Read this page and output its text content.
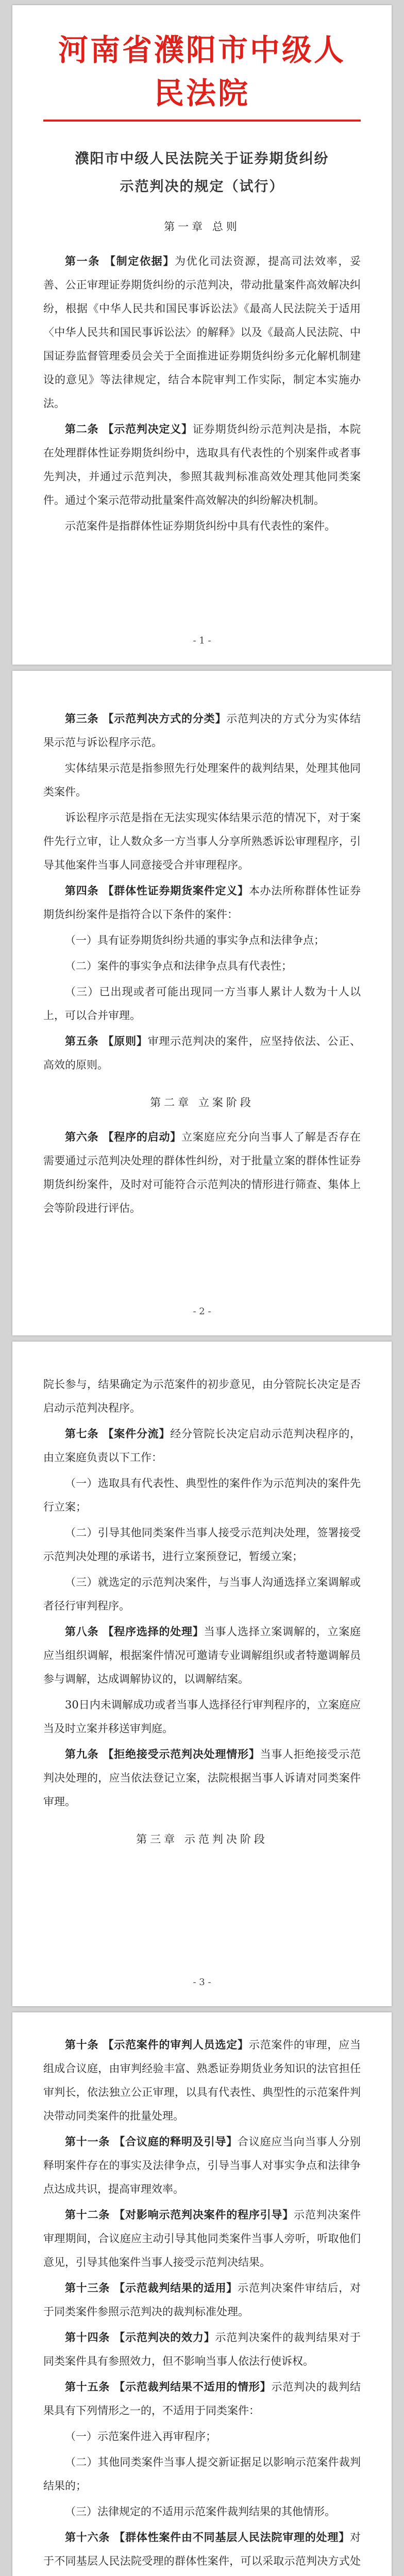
河南省濮阳市中级人民法院
濮阳市中级人民法院关于证券期货纠纷
示范判决的规定（试行）
第一章 总则

第一条 【制定依据】为优化司法资源，提高司法效率，妥善、公正审理证券期货纠纷的示范判决，带动批量案件高效解决纠纷，根据《中华人民共和国民事诉讼法》《最高人民法院关于适用〈中华人民共和国民事诉讼法〉的解释》以及《最高人民法院、中国证券监督管理委员会关于全面推进证券期货纠纷多元化解机制建设的意见》等法律规定，结合本院审判工作实际，制定本实施办法。

第二条 【示范判决定义】证券期货纠纷示范判决是指，本院在处理群体性证券期货纠纷中，选取具有代表性的个别案件或者事先判决，并通过示范判决，参照其裁判标准高效处理其他同类案件。通过个案示范带动批量案件高效解决的纠纷解决机制。

示范案件是指群体性证券期货纠纷中具有代表性的案件。

- 1 -

第三条 【示范判决方式的分类】示范判决的方式分为实体结果示范与诉讼程序示范。

实体结果示范是指参照先行处理案件的裁判结果，处理其他同类案件。

诉讼程序示范是指在无法实现实体结果示范的情况下，对于案件先行立审，让人数众多一方当事人分享所熟悉诉讼审理程序，引导其他案件当事人同意接受合并审理程序。

第四条 【群体性证券期货案件定义】本办法所称群体性证券期货纠纷案件是指符合以下条件的案件：

（一）具有证券期货纠纷共通的事实争点和法律争点；

（二）案件的事实争点和法律争点具有代表性；

（三）已出现或者可能出现同一方当事人累计人数为十人以上，可以合并审理。

第五条 【原则】审理示范判决的案件，应坚持依法、公正、高效的原则。

第二章 立案阶段

第六条 【程序的启动】立案庭应充分向当事人了解是否存在需要通过示范判决处理的群体性纠纷，对于批量立案的群体性证券期货纠纷案件，及时对可能符合示范判决的情形进行筛查、集体上会等阶段进行评估。

- 2 -

院长参与，结果确定为示范案件的初步意见，由分管院长决定是否启动示范判决程序。

第七条 【案件分流】经分管院长决定启动示范判决程序的，由立案庭负责以下工作：

（一）选取具有代表性、典型性的案件作为示范判决的案件先行立案；

（二）引导其他同类案件当事人接受示范判决处理，签署接受示范判决处理的承诺书，进行立案预登记，暂缓立案；

（三）就选定的示范判决案件，与当事人沟通选择立案调解或者径行审判程序。

第八条 【程序选择的处理】当事人选择立案调解的，立案庭应当组织调解，根据案件情况可邀请专业调解组织或者特邀调解员参与调解，达成调解协议的，以调解结案。

30日内未调解成功或者当事人选择径行审判程序的，立案庭应当及时立案并移送审判庭。

第九条 【拒绝接受示范判决处理情形】当事人拒绝接受示范判决处理的，应当依法登记立案，法院根据当事人诉请对同类案件审理。

第三章 示范判决阶段
- 3 -

第十条 【示范案件的审判人员选定】示范案件的审理，应当组成合议庭，由审判经验丰富、熟悉证券期货业务知识的法官担任审判长，依法独立公正审理，以具有代表性、典型性的示范案件判决带动同类案件的批量处理。

第十一条 【合议庭的释明及引导】合议庭应当向当事人分别释明案件存在的事实及法律争点，引导当事人对事实争点和法律争点达成共识，提高审理效率。

第十二条 【对影响示范判决案件的程序引导】示范判决案件审理期间，合议庭应主动引导其他同类案件当事人旁听，听取他们意见，引导其他案件当事人接受示范判决结果。

第十三条 【示范裁判结果的适用】示范判决案件审结后，对于同类案件参照示范判决的裁判标准处理。

第十四条 【示范判决的效力】示范判决案件的裁判结果对于同类案件具有参照效力，但不影响当事人依法行使诉权。

第十五条 【示范裁判结果不适用的情形】示范判决的裁判结果具有下列情形之一的，不适用于同类案件：

（一）示范案件进入再审程序；

（二）其他同类案件当事人提交新证据足以影响示范案件裁判结果的；

（三）法律规定的不适用示范案件裁判结果的其他情形。

第十六条 【群体性案件由不同基层人民法院审理的处理】对于不同基层人民法院受理的群体性案件，可以采取示范判决方式处
